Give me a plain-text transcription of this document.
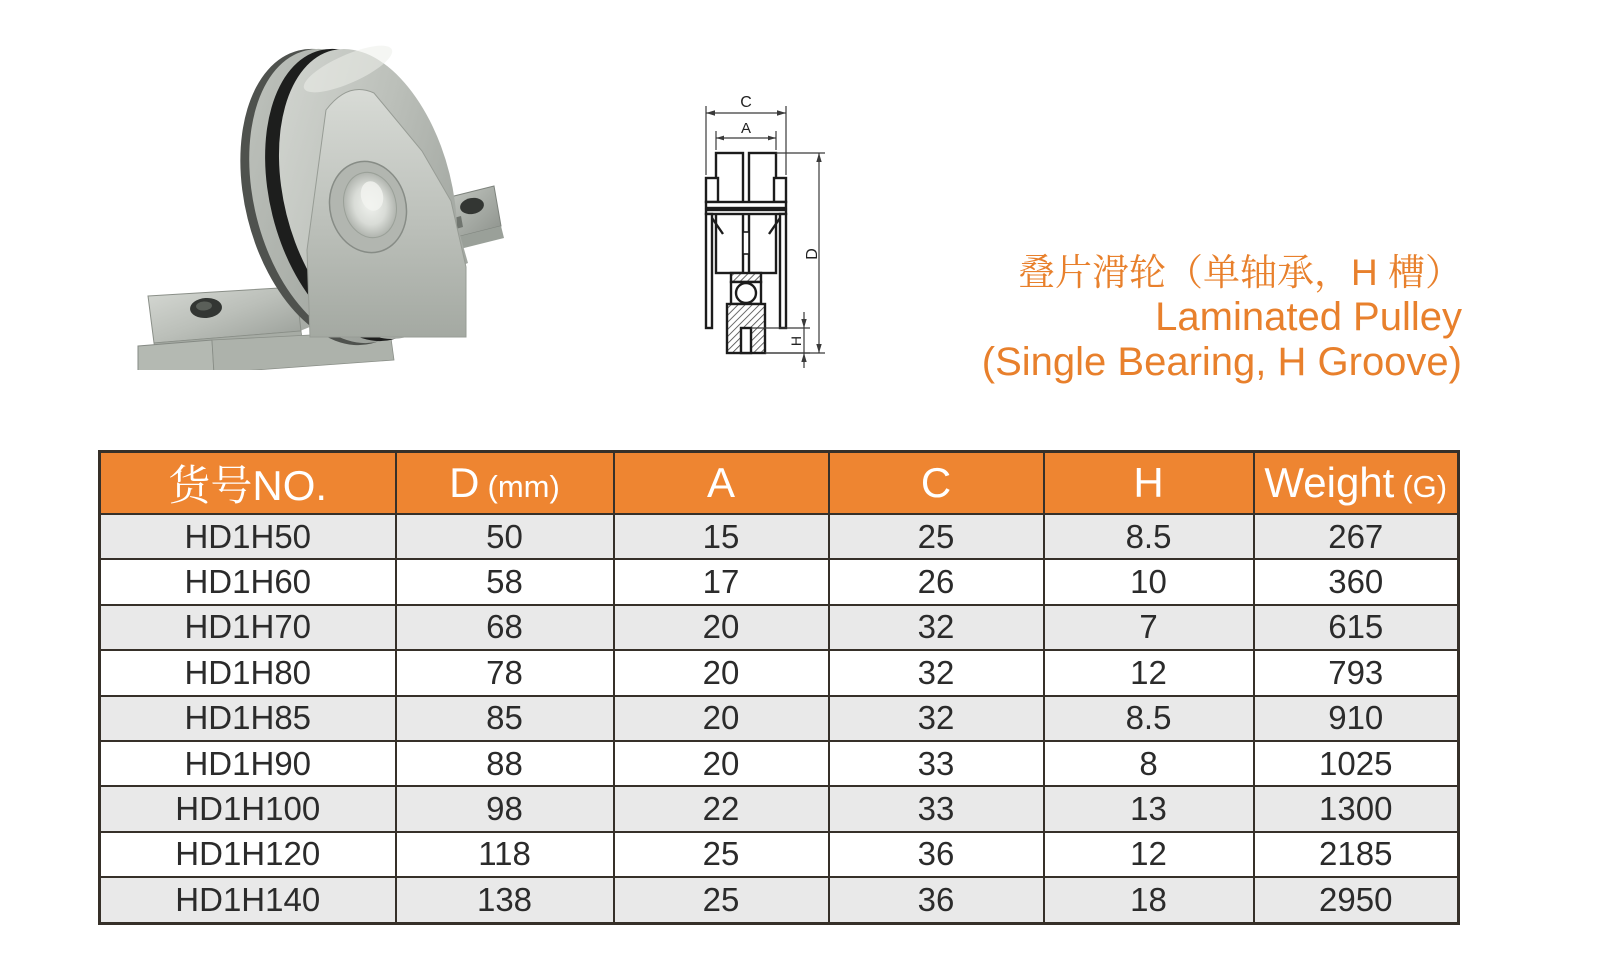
C
A
D
H

叠片滑轮（单轴承，H 槽）

Laminated Pulley

(Single Bearing, H Groove)

货号NO.	D (mm)	A	C	H	Weight (G)
HD1H50	50	15	25	8.5	267
HD1H60	58	17	26	10	360
HD1H70	68	20	32	7	615
HD1H80	78	20	32	12	793
HD1H85	85	20	32	8.5	910
HD1H90	88	20	33	8	1025
HD1H100	98	22	33	13	1300
HD1H120	118	25	36	12	2185
HD1H140	138	25	36	18	2950
